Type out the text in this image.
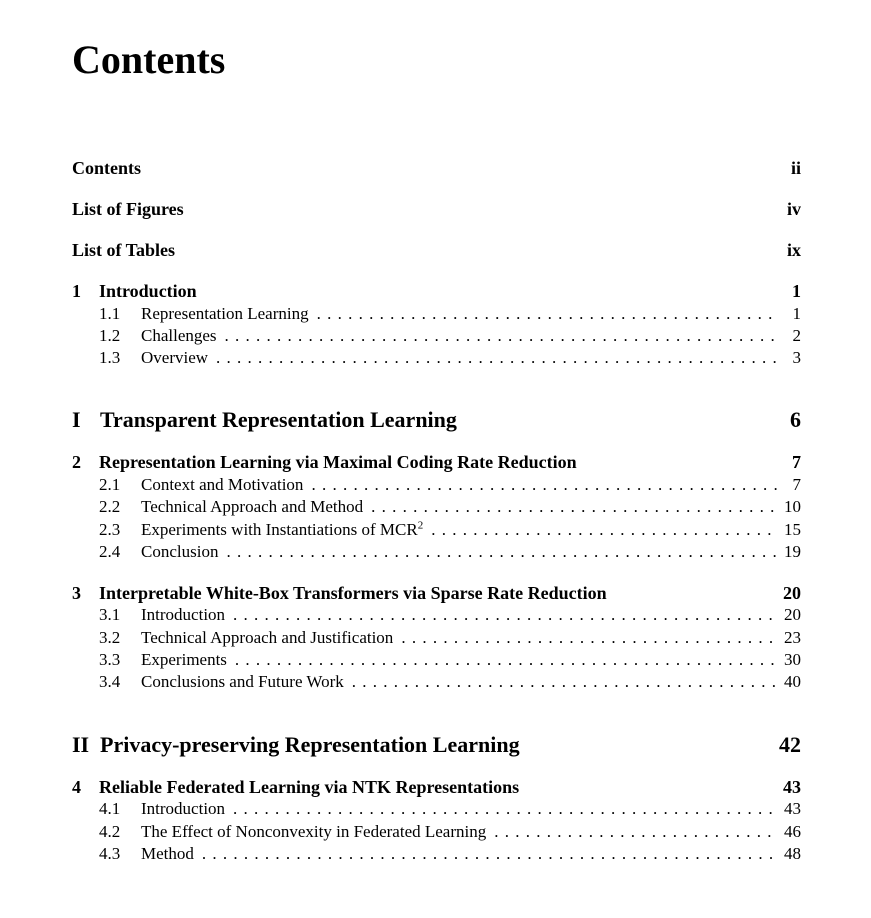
Contents
Contents	ii
List of Figures	iv
List of Tables	ix
1	Introduction	1
1.1	Representation Learning . . .	1
1.2	Challenges . . .	2
1.3	Overview . . .	3
I Transparent Representation Learning	6
2	Representation Learning via Maximal Coding Rate Reduction	7
2.1	Context and Motivation . . .	7
2.2	Technical Approach and Method . . .	10
2.3	Experiments with Instantiations of MCR$^2$ . . .	15
2.4	Conclusion . . .	19
3	Interpretable White-Box Transformers via Sparse Rate Reduction	20
3.1	Introduction . . .	20
3.2	Technical Approach and Justification . . .	23
3.3	Experiments . . .	30
3.4	Conclusions and Future Work . . .	40
II Privacy-preserving Representation Learning	42
4	Reliable Federated Learning via NTK Representations	43
4.1	Introduction . . .	43
4.2	The Effect of Nonconvexity in Federated Learning . . .	46
4.3	Method . . .	48
